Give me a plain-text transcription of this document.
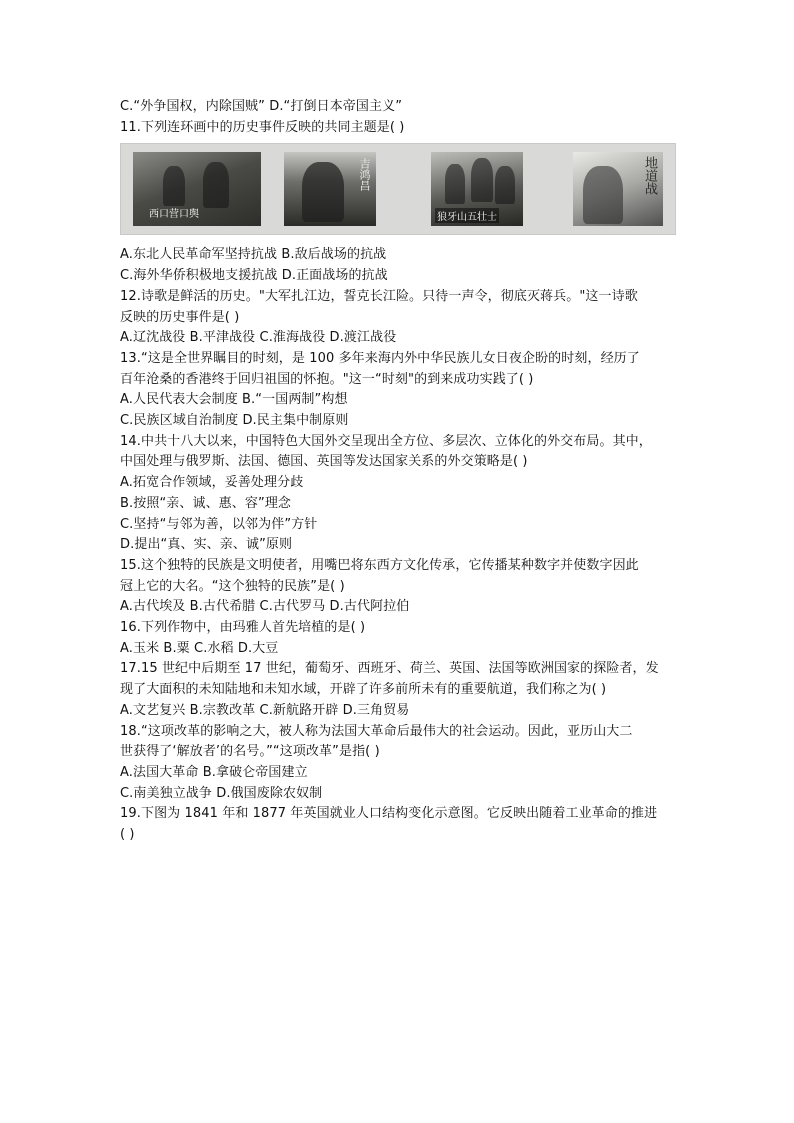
C.“外争国权，内除国贼” D.“打倒日本帝国主义”
11.下列连环画中的历史事件反映的共同主题是( )
西口营口舆
吉鸿昌
狼牙山五壮士
地道战
A.东北人民革命军坚持抗战 B.敌后战场的抗战
C.海外华侨积极地支援抗战 D.正面战场的抗战
12.诗歌是鲜活的历史。"大军扎江边，誓克长江险。只待一声令，彻底灭蒋兵。"这一诗歌
反映的历史事件是( )
A.辽沈战役 B.平津战役 C.淮海战役 D.渡江战役
13.“这是全世界瞩目的时刻，是 100 多年来海内外中华民族儿女日夜企盼的时刻，经历了
百年沧桑的香港终于回归祖国的怀抱。"这一“时刻"的到来成功实践了( )
A.人民代表大会制度 B.“一国两制”构想
C.民族区域自治制度 D.民主集中制原则
14.中共十八大以来，中国特色大国外交呈现出全方位、多层次、立体化的外交布局。其中，
中国处理与俄罗斯、法国、德国、英国等发达国家关系的外交策略是( )
A.拓宽合作领域，妥善处理分歧
B.按照“亲、诚、惠、容”理念
C.坚持“与邻为善，以邻为伴”方针
D.提出“真、实、亲、诚”原则
15.这个独特的民族是文明使者，用嘴巴将东西方文化传承，它传播某种数字并使数字因此
冠上它的大名。“这个独特的民族”是( )
A.古代埃及 B.古代希腊 C.古代罗马 D.古代阿拉伯
16.下列作物中，由玛雅人首先培植的是( )
A.玉米 B.粟 C.水稻 D.大豆
17.15 世纪中后期至 17 世纪，葡萄牙、西班牙、荷兰、英国、法国等欧洲国家的探险者，发
现了大面积的未知陆地和未知水域，开辟了许多前所未有的重要航道，我们称之为( )
A.文艺复兴 B.宗教改革 C.新航路开辟 D.三角贸易
18.“这项改革的影响之大，被人称为法国大革命后最伟大的社会运动。因此，亚历山大二
世获得了‘解放者’的名号。”“这项改革”是指( )
A.法国大革命 B.拿破仑帝国建立
C.南美独立战争 D.俄国废除农奴制
19.下图为 1841 年和 1877 年英国就业人口结构变化示意图。它反映出随着工业革命的推进
( )
